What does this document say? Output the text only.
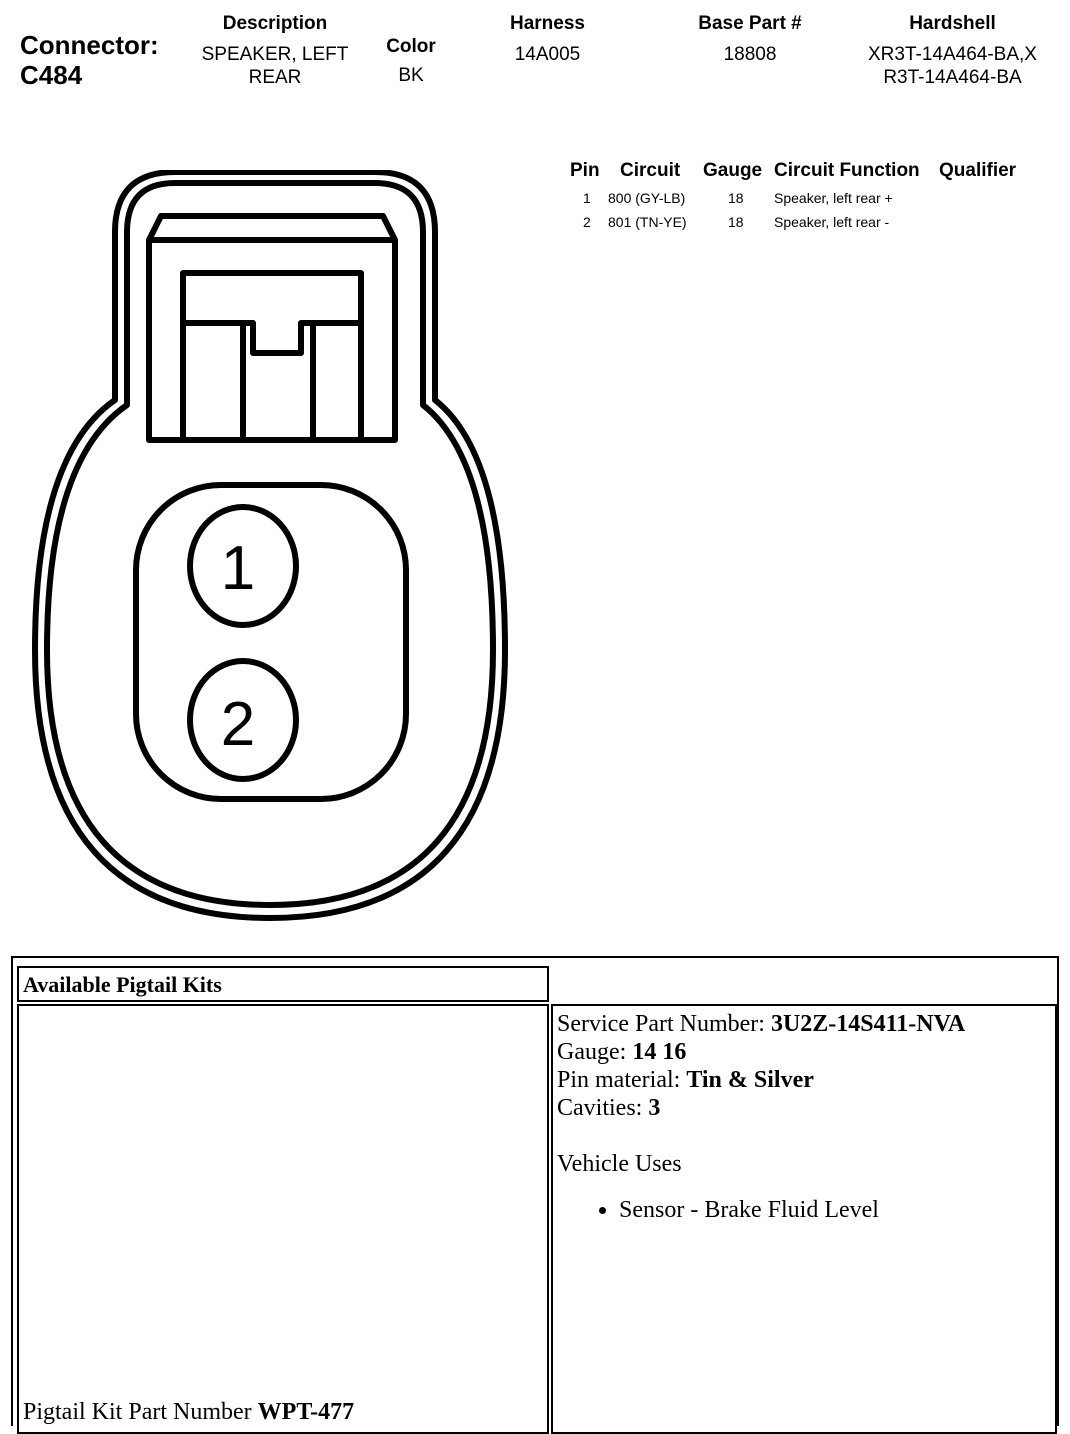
Connector:
C484
Description
SPEAKER, LEFT REAR
Color
BK
Harness
14A005
Base Part #
18808
Hardshell
XR3T-14A464-BA,XR3T-14A464-BA
Pin Circuit Gauge Circuit Function Qualifier
1 800 (GY-LB)	18 Speaker, left rear +
2 801 (TN-YE)	18 Speaker, left rear -
1
2
Available Pigtail Kits
Pigtail Kit Part Number WPT-477
Service Part Number: 3U2Z-14S411-NVA
Gauge: 14 16
Pin material: Tin & Silver
Cavities: 3
Vehicle Uses
• Sensor - Brake Fluid Level
